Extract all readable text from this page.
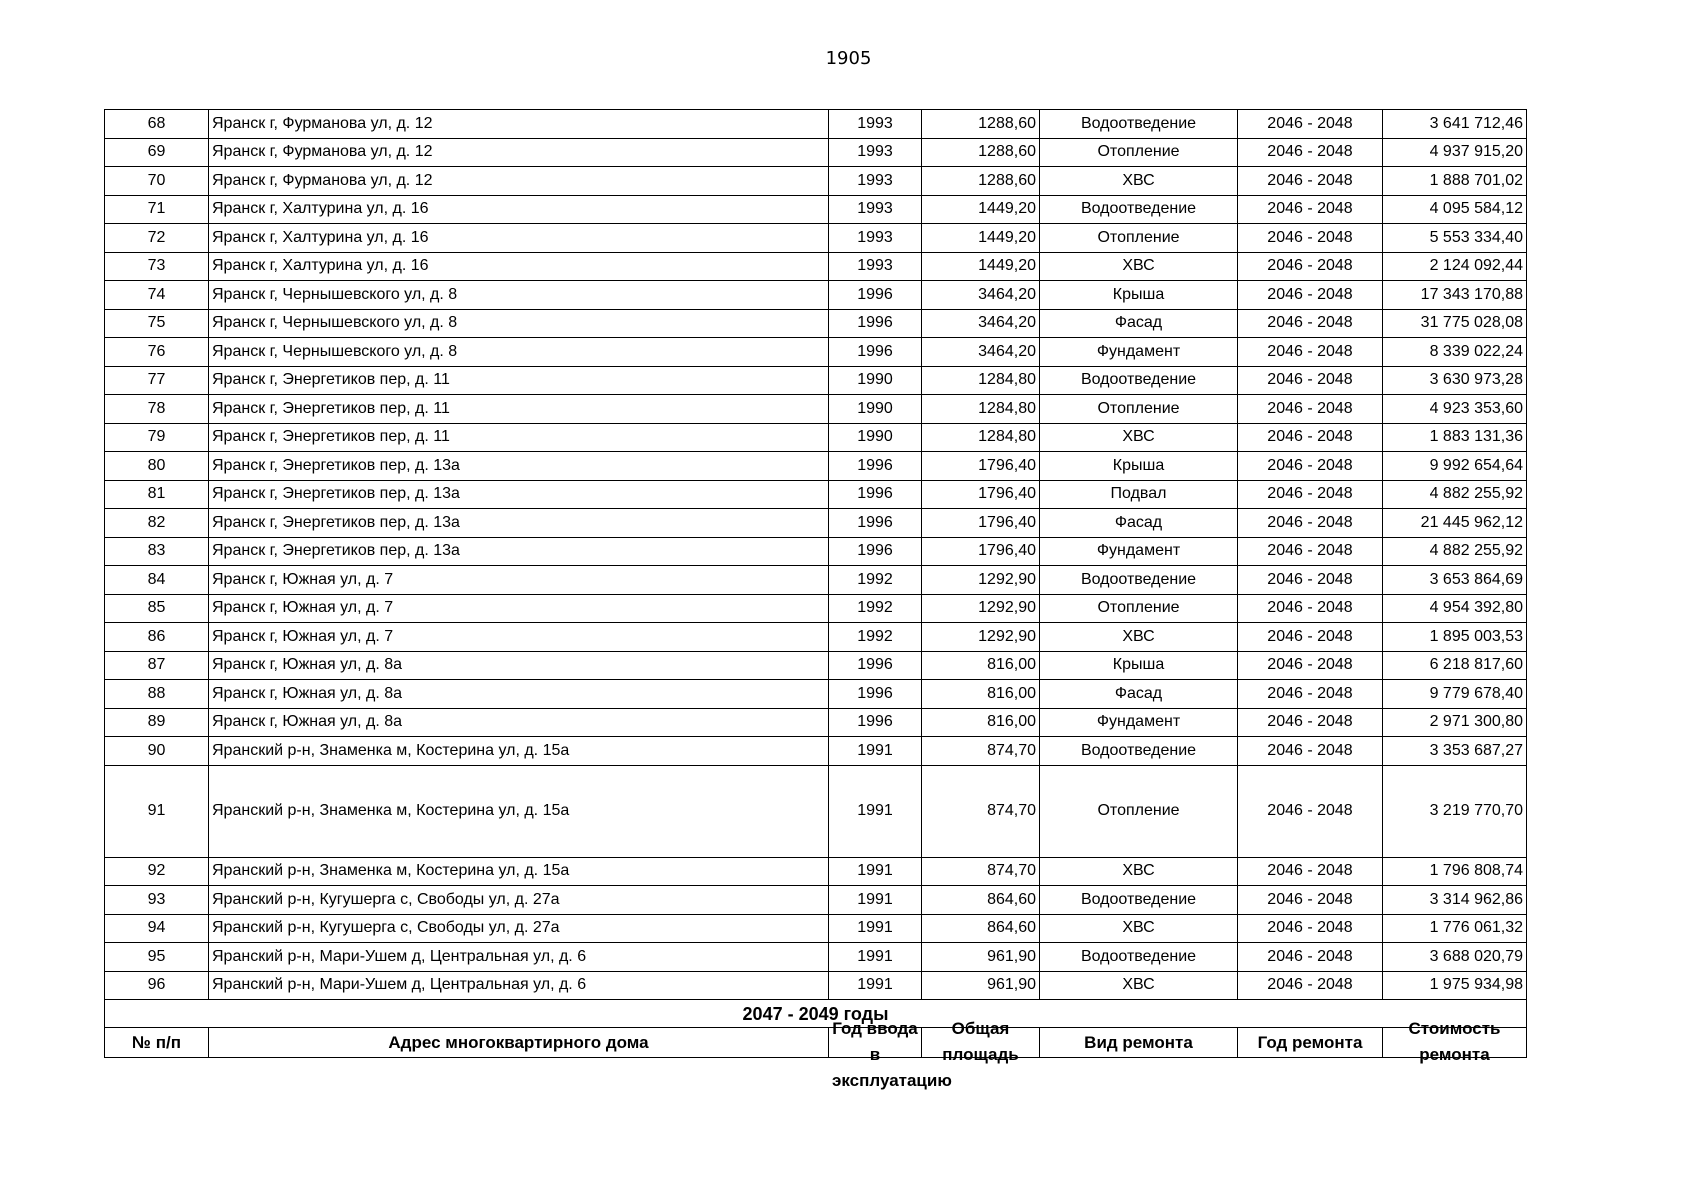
1905
68	Яранск г, Фурманова ул, д. 12	1993	1288,60	Водоотведение	2046 - 2048	3 641 712,46
69	Яранск г, Фурманова ул, д. 12	1993	1288,60	Отопление	2046 - 2048	4 937 915,20
70	Яранск г, Фурманова ул, д. 12	1993	1288,60	ХВС	2046 - 2048	1 888 701,02
71	Яранск г, Халтурина ул, д. 16	1993	1449,20	Водоотведение	2046 - 2048	4 095 584,12
72	Яранск г, Халтурина ул, д. 16	1993	1449,20	Отопление	2046 - 2048	5 553 334,40
73	Яранск г, Халтурина ул, д. 16	1993	1449,20	ХВС	2046 - 2048	2 124 092,44
74	Яранск г, Чернышевского ул, д. 8	1996	3464,20	Крыша	2046 - 2048	17 343 170,88
75	Яранск г, Чернышевского ул, д. 8	1996	3464,20	Фасад	2046 - 2048	31 775 028,08
76	Яранск г, Чернышевского ул, д. 8	1996	3464,20	Фундамент	2046 - 2048	8 339 022,24
77	Яранск г, Энергетиков пер, д. 11	1990	1284,80	Водоотведение	2046 - 2048	3 630 973,28
78	Яранск г, Энергетиков пер, д. 11	1990	1284,80	Отопление	2046 - 2048	4 923 353,60
79	Яранск г, Энергетиков пер, д. 11	1990	1284,80	ХВС	2046 - 2048	1 883 131,36
80	Яранск г, Энергетиков пер, д. 13а	1996	1796,40	Крыша	2046 - 2048	9 992 654,64
81	Яранск г, Энергетиков пер, д. 13а	1996	1796,40	Подвал	2046 - 2048	4 882 255,92
82	Яранск г, Энергетиков пер, д. 13а	1996	1796,40	Фасад	2046 - 2048	21 445 962,12
83	Яранск г, Энергетиков пер, д. 13а	1996	1796,40	Фундамент	2046 - 2048	4 882 255,92
84	Яранск г, Южная ул, д. 7	1992	1292,90	Водоотведение	2046 - 2048	3 653 864,69
85	Яранск г, Южная ул, д. 7	1992	1292,90	Отопление	2046 - 2048	4 954 392,80
86	Яранск г, Южная ул, д. 7	1992	1292,90	ХВС	2046 - 2048	1 895 003,53
87	Яранск г, Южная ул, д. 8а	1996	816,00	Крыша	2046 - 2048	6 218 817,60
88	Яранск г, Южная ул, д. 8а	1996	816,00	Фасад	2046 - 2048	9 779 678,40
89	Яранск г, Южная ул, д. 8а	1996	816,00	Фундамент	2046 - 2048	2 971 300,80
90	Яранский р-н, Знаменка м, Костерина ул, д. 15а	1991	874,70	Водоотведение	2046 - 2048	3 353 687,27
91	Яранский р-н, Знаменка м, Костерина ул, д. 15а	1991	874,70	Отопление	2046 - 2048	3 219 770,70
92	Яранский р-н, Знаменка м, Костерина ул, д. 15а	1991	874,70	ХВС	2046 - 2048	1 796 808,74
93	Яранский р-н, Кугушерга с, Свободы ул, д. 27а	1991	864,60	Водоотведение	2046 - 2048	3 314 962,86
94	Яранский р-н, Кугушерга с, Свободы ул, д. 27а	1991	864,60	ХВС	2046 - 2048	1 776 061,32
95	Яранский р-н, Мари-Ушем д, Центральная ул, д. 6	1991	961,90	Водоотведение	2046 - 2048	3 688 020,79
96	Яранский р-н, Мари-Ушем д, Центральная ул, д. 6	1991	961,90	ХВС	2046 - 2048	1 975 934,98
2047 - 2049 годы						
№ п/п	Адрес многоквартирного дома	Год ввода в эксплуатацию	Общая площадь	Вид ремонта	Год ремонта	Стоимость ремонта
